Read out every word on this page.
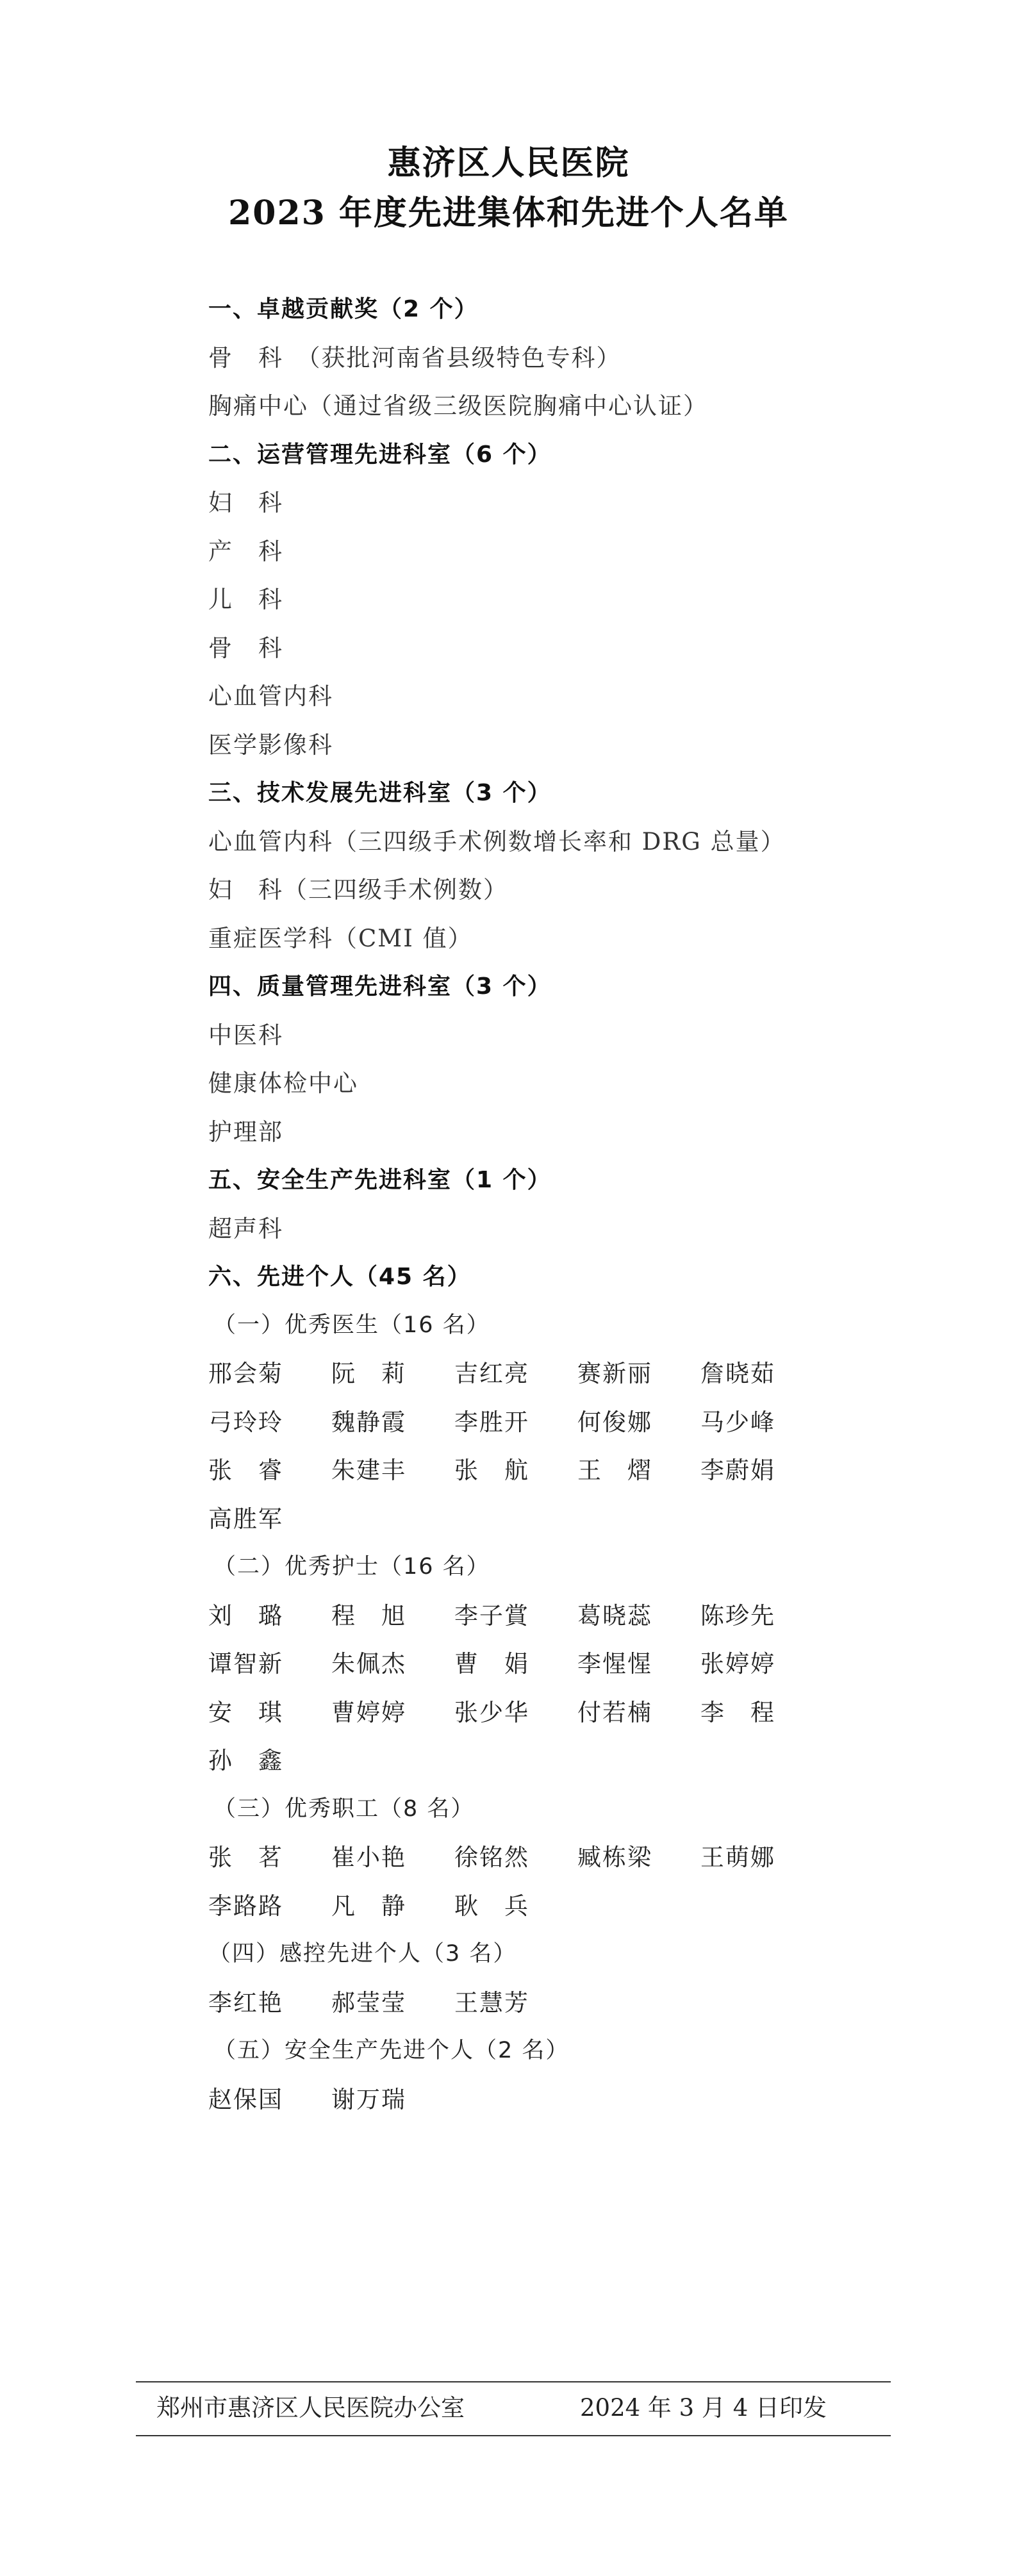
惠济区人民医院
2023 年度先进集体和先进个人名单
一、卓越贡献奖（2 个）
骨　科　（获批河南省县级特色专科）
胸痛中心（通过省级三级医院胸痛中心认证）
二、运营管理先进科室（6 个）
妇　科
产　科
儿　科
骨　科
心血管内科
医学影像科
三、技术发展先进科室（3 个）
心血管内科（三四级手术例数增长率和 DRG 总量）
妇　科（三四级手术例数）
重症医学科（CMI 值）
四、质量管理先进科室（3 个）
中医科
健康体检中心
护理部
五、安全生产先进科室（1 个）
超声科
六、先进个人（45 名）
（一）优秀医生（16 名）
邢会菊 阮　莉 吉红亮 赛新丽 詹晓茹
弓玲玲 魏静霞 李胜开 何俊娜 马少峰
张　睿 朱建丰 张　航 王　熠 李蔚娟
高胜军
（二）优秀护士（16 名）
刘　璐 程　旭 李子賞 葛晓蕊 陈珍先
谭智新 朱佩杰 曹　娟 李惺惺 张婷婷
安　琪 曹婷婷 张少华 付若楠 李　程
孙　鑫
（三）优秀职工（8 名）
张　茗 崔小艳 徐铭然 臧栋梁 王萌娜
李路路 凡　静 耿　兵
（四）感控先进个人（3 名）
李红艳 郝莹莹 王慧芳
（五）安全生产先进个人（2 名）
赵保国 谢万瑞
郑州市惠济区人民医院办公室	2024 年 3 月 4 日印发
